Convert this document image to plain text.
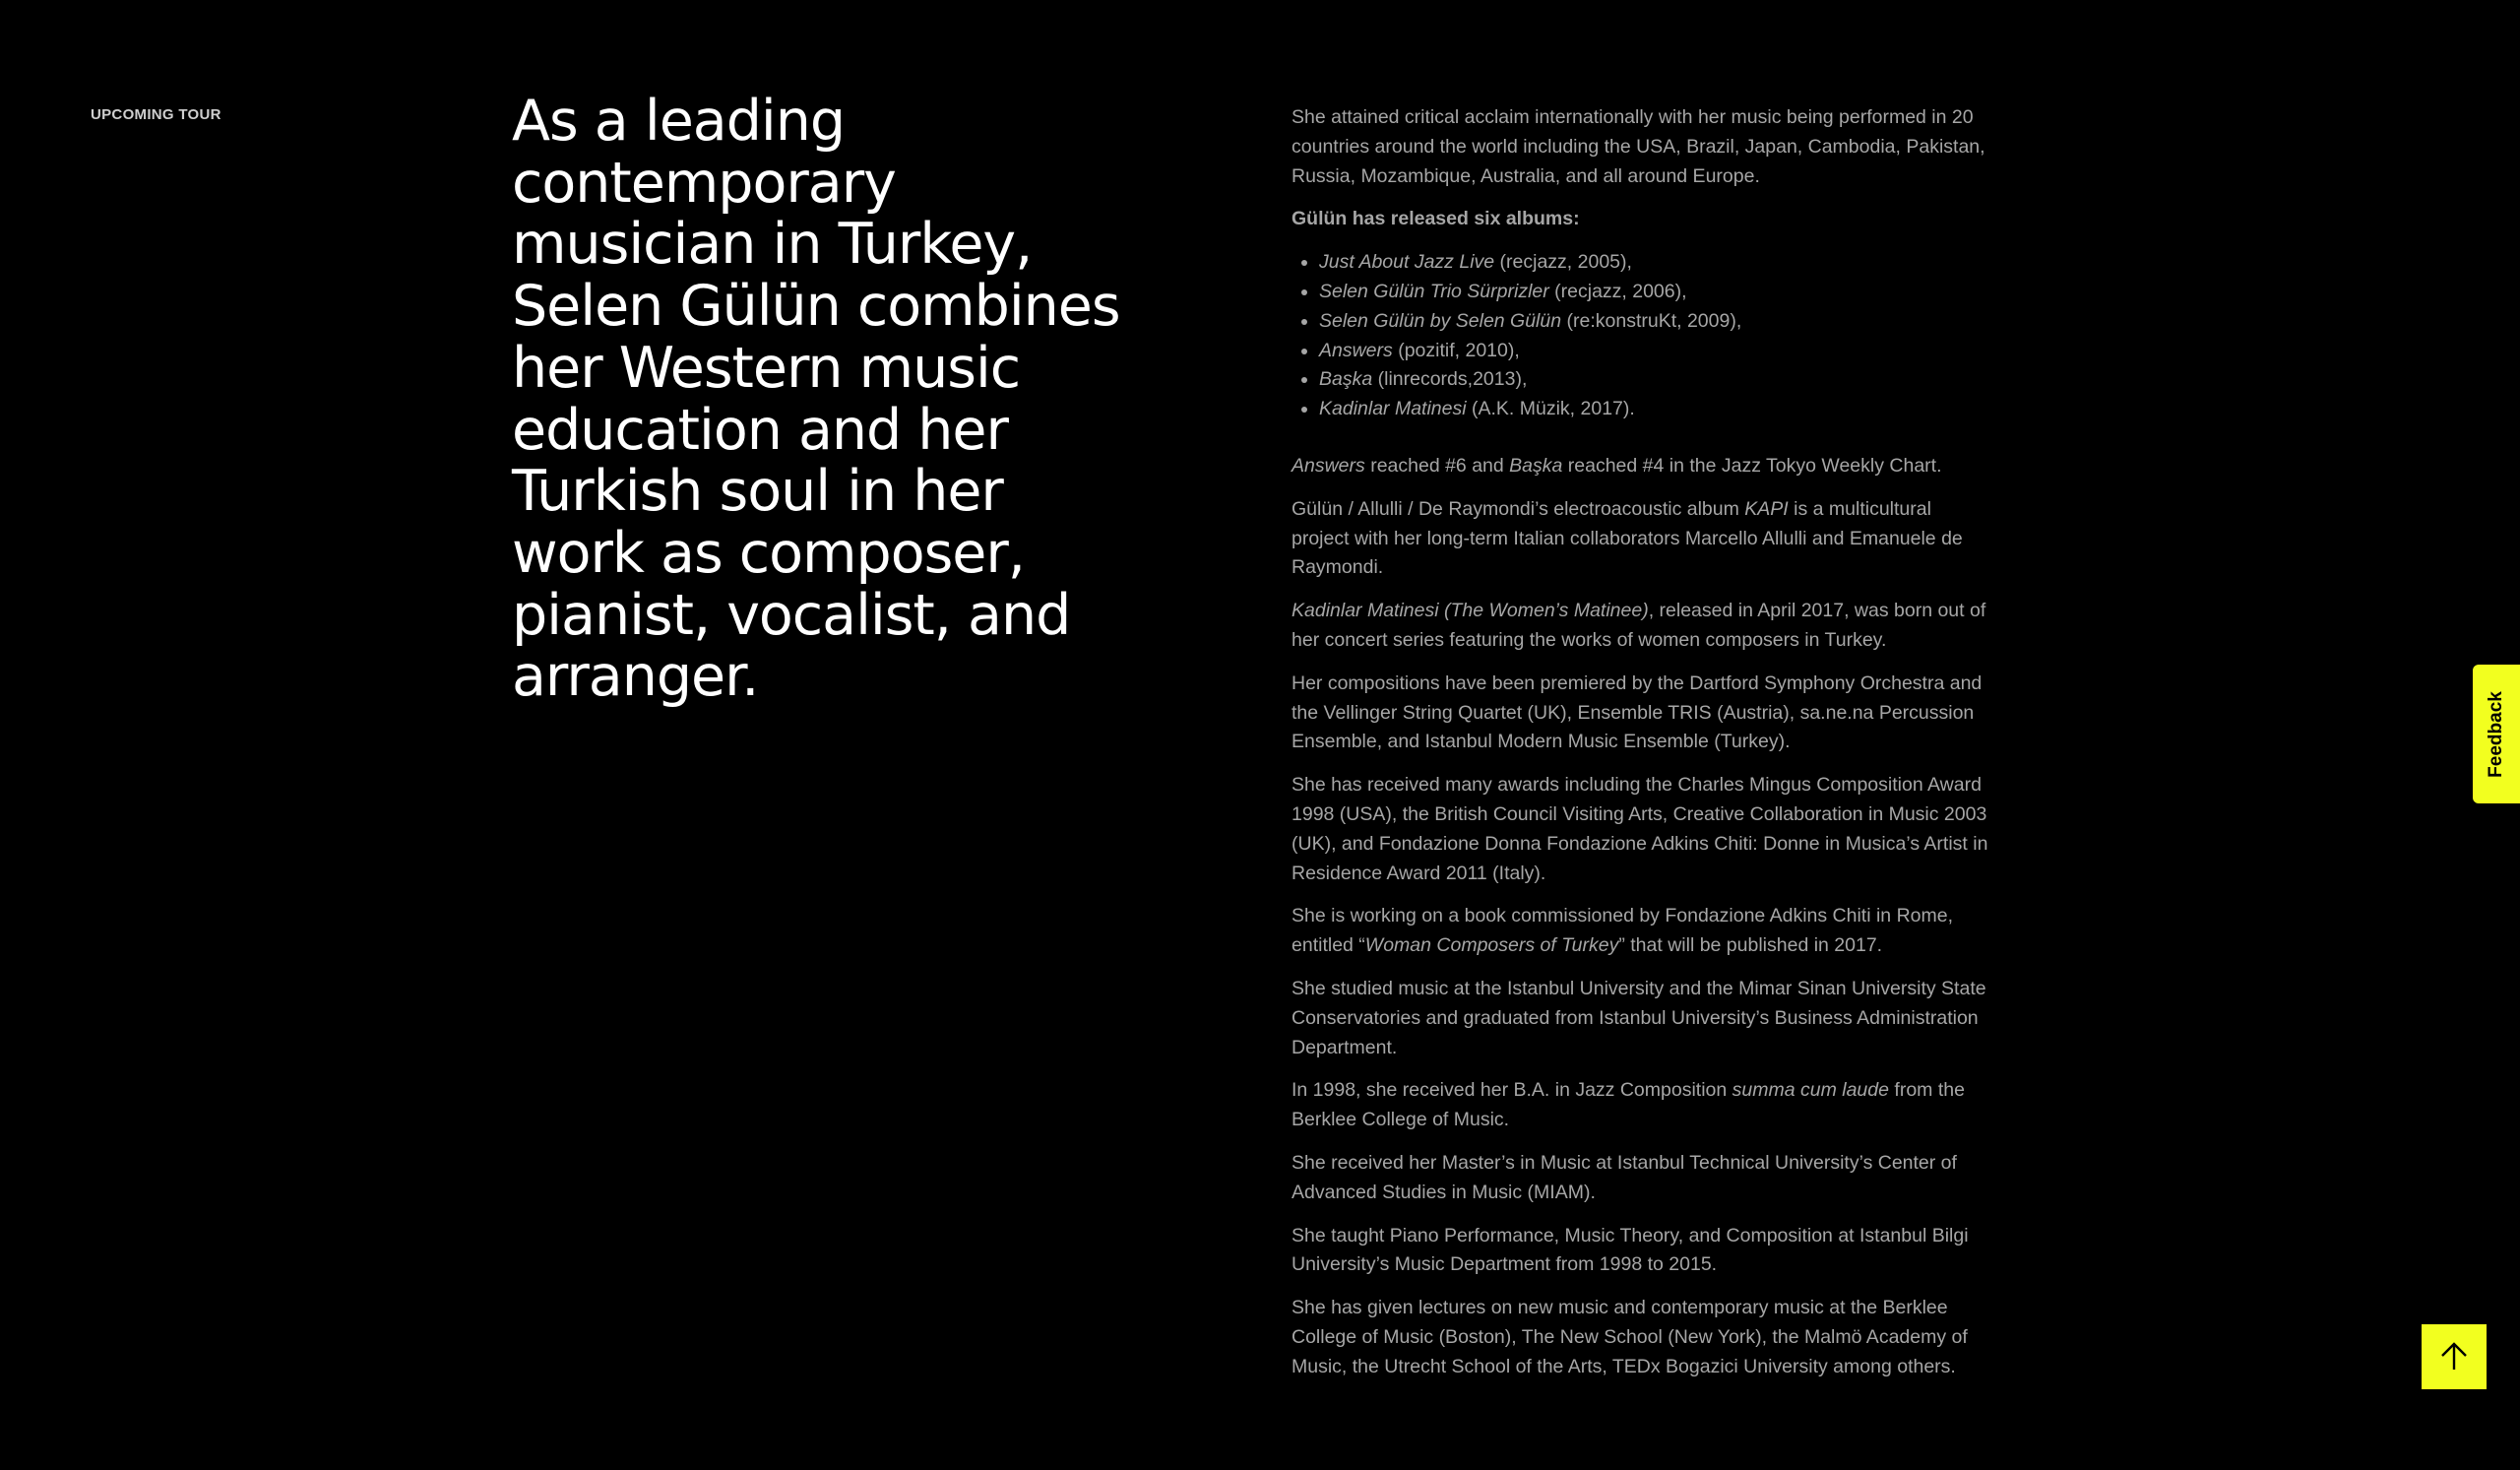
UPCOMING TOUR	As a leading contemporary musician in Turkey, Selen Gülün combines her Western music education and her Turkish soul in her work as composer, pianist, vocalist, and arranger.

She attained critical acclaim internationally with her music being performed in 20 countries around the world including the USA, Brazil, Japan, Cambodia, Pakistan, Russia, Mozambique, Australia, and all around Europe.

Gülün has released six albums:

• Just About Jazz Live (recjazz, 2005),
• Selen Gülün Trio Sürprizler (recjazz, 2006),
• Selen Gülün by Selen Gülün (re:konstruKt, 2009),
• Answers (pozitif, 2010),
• Başka (linrecords,2013),
• Kadinlar Matinesi (A.K. Müzik, 2017).

Answers reached #6 and Başka reached #4 in the Jazz Tokyo Weekly Chart.

Gülün / Allulli / De Raymondi’s electroacoustic album KAPI is a multicultural project with her long-term Italian collaborators Marcello Allulli and Emanuele de Raymondi.

Kadinlar Matinesi (The Women’s Matinee), released in April 2017, was born out of her concert series featuring the works of women composers in Turkey.

Her compositions have been premiered by the Dartford Symphony Orchestra and the Vellinger String Quartet (UK), Ensemble TRIS (Austria), sa.ne.na Percussion Ensemble, and Istanbul Modern Music Ensemble (Turkey).

She has received many awards including the Charles Mingus Composition Award 1998 (USA), the British Council Visiting Arts, Creative Collaboration in Music 2003 (UK), and Fondazione Donna Fondazione Adkins Chiti: Donne in Musica’s Artist in Residence Award 2011 (Italy).

She is working on a book commissioned by Fondazione Adkins Chiti in Rome, entitled “Woman Composers of Turkey” that will be published in 2017.

She studied music at the Istanbul University and the Mimar Sinan University State Conservatories and graduated from Istanbul University’s Business Administration Department.

In 1998, she received her B.A. in Jazz Composition summa cum laude from the Berklee College of Music.

She received her Master’s in Music at Istanbul Technical University’s Center of Advanced Studies in Music (MIAM).

She taught Piano Performance, Music Theory, and Composition at Istanbul Bilgi University’s Music Department from 1998 to 2015.

She has given lectures on new music and contemporary music at the Berklee College of Music (Boston), The New School (New York), the Malmö Academy of Music, the Utrecht School of the Arts, TEDx Bogazici University among others.

Feedback
